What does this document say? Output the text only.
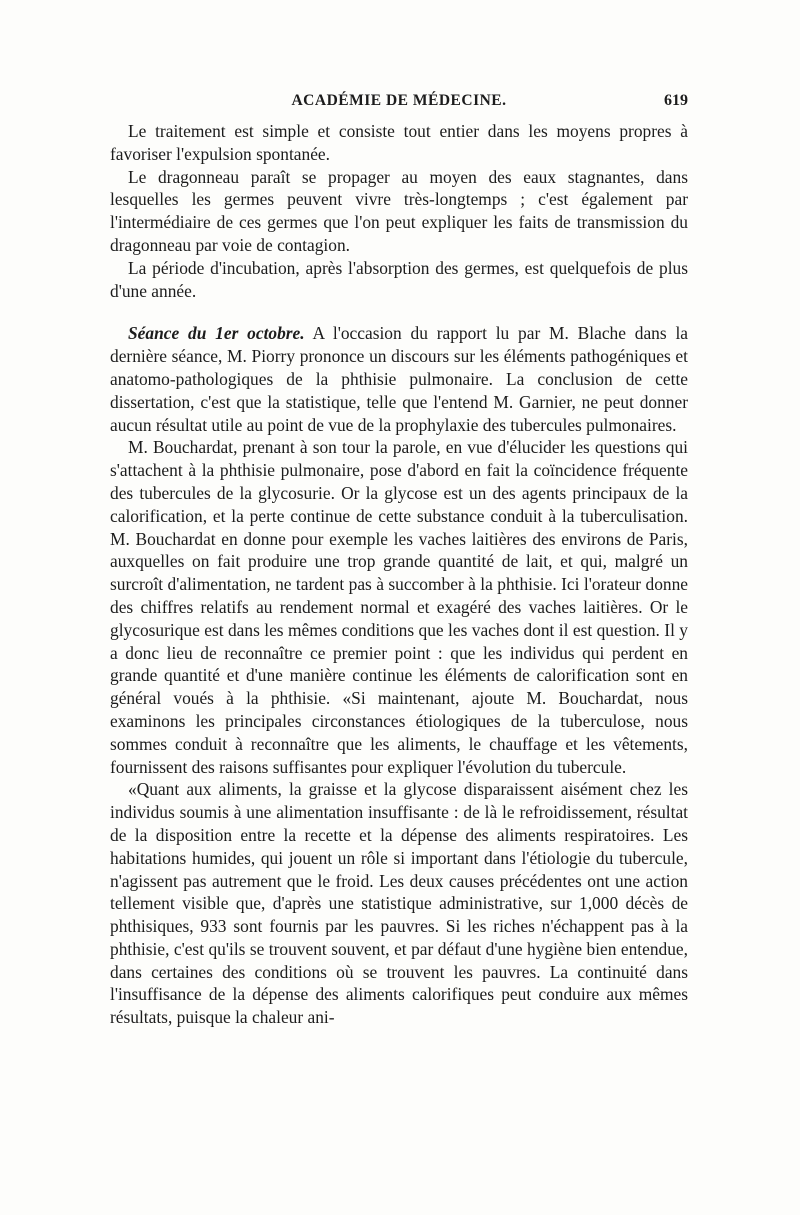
ACADÉMIE DE MÉDECINE.	619

Le traitement est simple et consiste tout entier dans les moyens propres à favoriser l'expulsion spontanée.

Le dragonneau paraît se propager au moyen des eaux stagnantes, dans lesquelles les germes peuvent vivre très-longtemps ; c'est également par l'intermédiaire de ces germes que l'on peut expliquer les faits de transmission du dragonneau par voie de contagion.

La période d'incubation, après l'absorption des germes, est quelquefois de plus d'une année.

Séance du 1er octobre. A l'occasion du rapport lu par M. Blache dans la dernière séance, M. Piorry prononce un discours sur les éléments pathogéniques et anatomo-pathologiques de la phthisie pulmonaire. La conclusion de cette dissertation, c'est que la statistique, telle que l'entend M. Garnier, ne peut donner aucun résultat utile au point de vue de la prophylaxie des tubercules pulmonaires.

M. Bouchardat, prenant à son tour la parole, en vue d'élucider les questions qui s'attachent à la phthisie pulmonaire, pose d'abord en fait la coïncidence fréquente des tubercules de la glycosurie. Or la glycose est un des agents principaux de la calorification, et la perte continue de cette substance conduit à la tuberculisation. M. Bouchardat en donne pour exemple les vaches laitières des environs de Paris, auxquelles on fait produire une trop grande quantité de lait, et qui, malgré un surcroît d'alimentation, ne tardent pas à succomber à la phthisie. Ici l'orateur donne des chiffres relatifs au rendement normal et exagéré des vaches laitières. Or le glycosurique est dans les mêmes conditions que les vaches dont il est question. Il y a donc lieu de reconnaître ce premier point : que les individus qui perdent en grande quantité et d'une manière continue les éléments de calorification sont en général voués à la phthisie. «Si maintenant, ajoute M. Bouchardat, nous examinons les principales circonstances étiologiques de la tuberculose, nous sommes conduit à reconnaître que les aliments, le chauffage et les vêtements, fournissent des raisons suffisantes pour expliquer l'évolution du tubercule.

«Quant aux aliments, la graisse et la glycose disparaissent aisément chez les individus soumis à une alimentation insuffisante : de là le refroidissement, résultat de la disposition entre la recette et la dépense des aliments respiratoires. Les habitations humides, qui jouent un rôle si important dans l'étiologie du tubercule, n'agissent pas autrement que le froid. Les deux causes précédentes ont une action tellement visible que, d'après une statistique administrative, sur 1,000 décès de phthisiques, 933 sont fournis par les pauvres. Si les riches n'échappent pas à la phthisie, c'est qu'ils se trouvent souvent, et par défaut d'une hygiène bien entendue, dans certaines des conditions où se trouvent les pauvres. La continuité dans l'insuffisance de la dépense des aliments calorifiques peut conduire aux mêmes résultats, puisque la chaleur ani-
